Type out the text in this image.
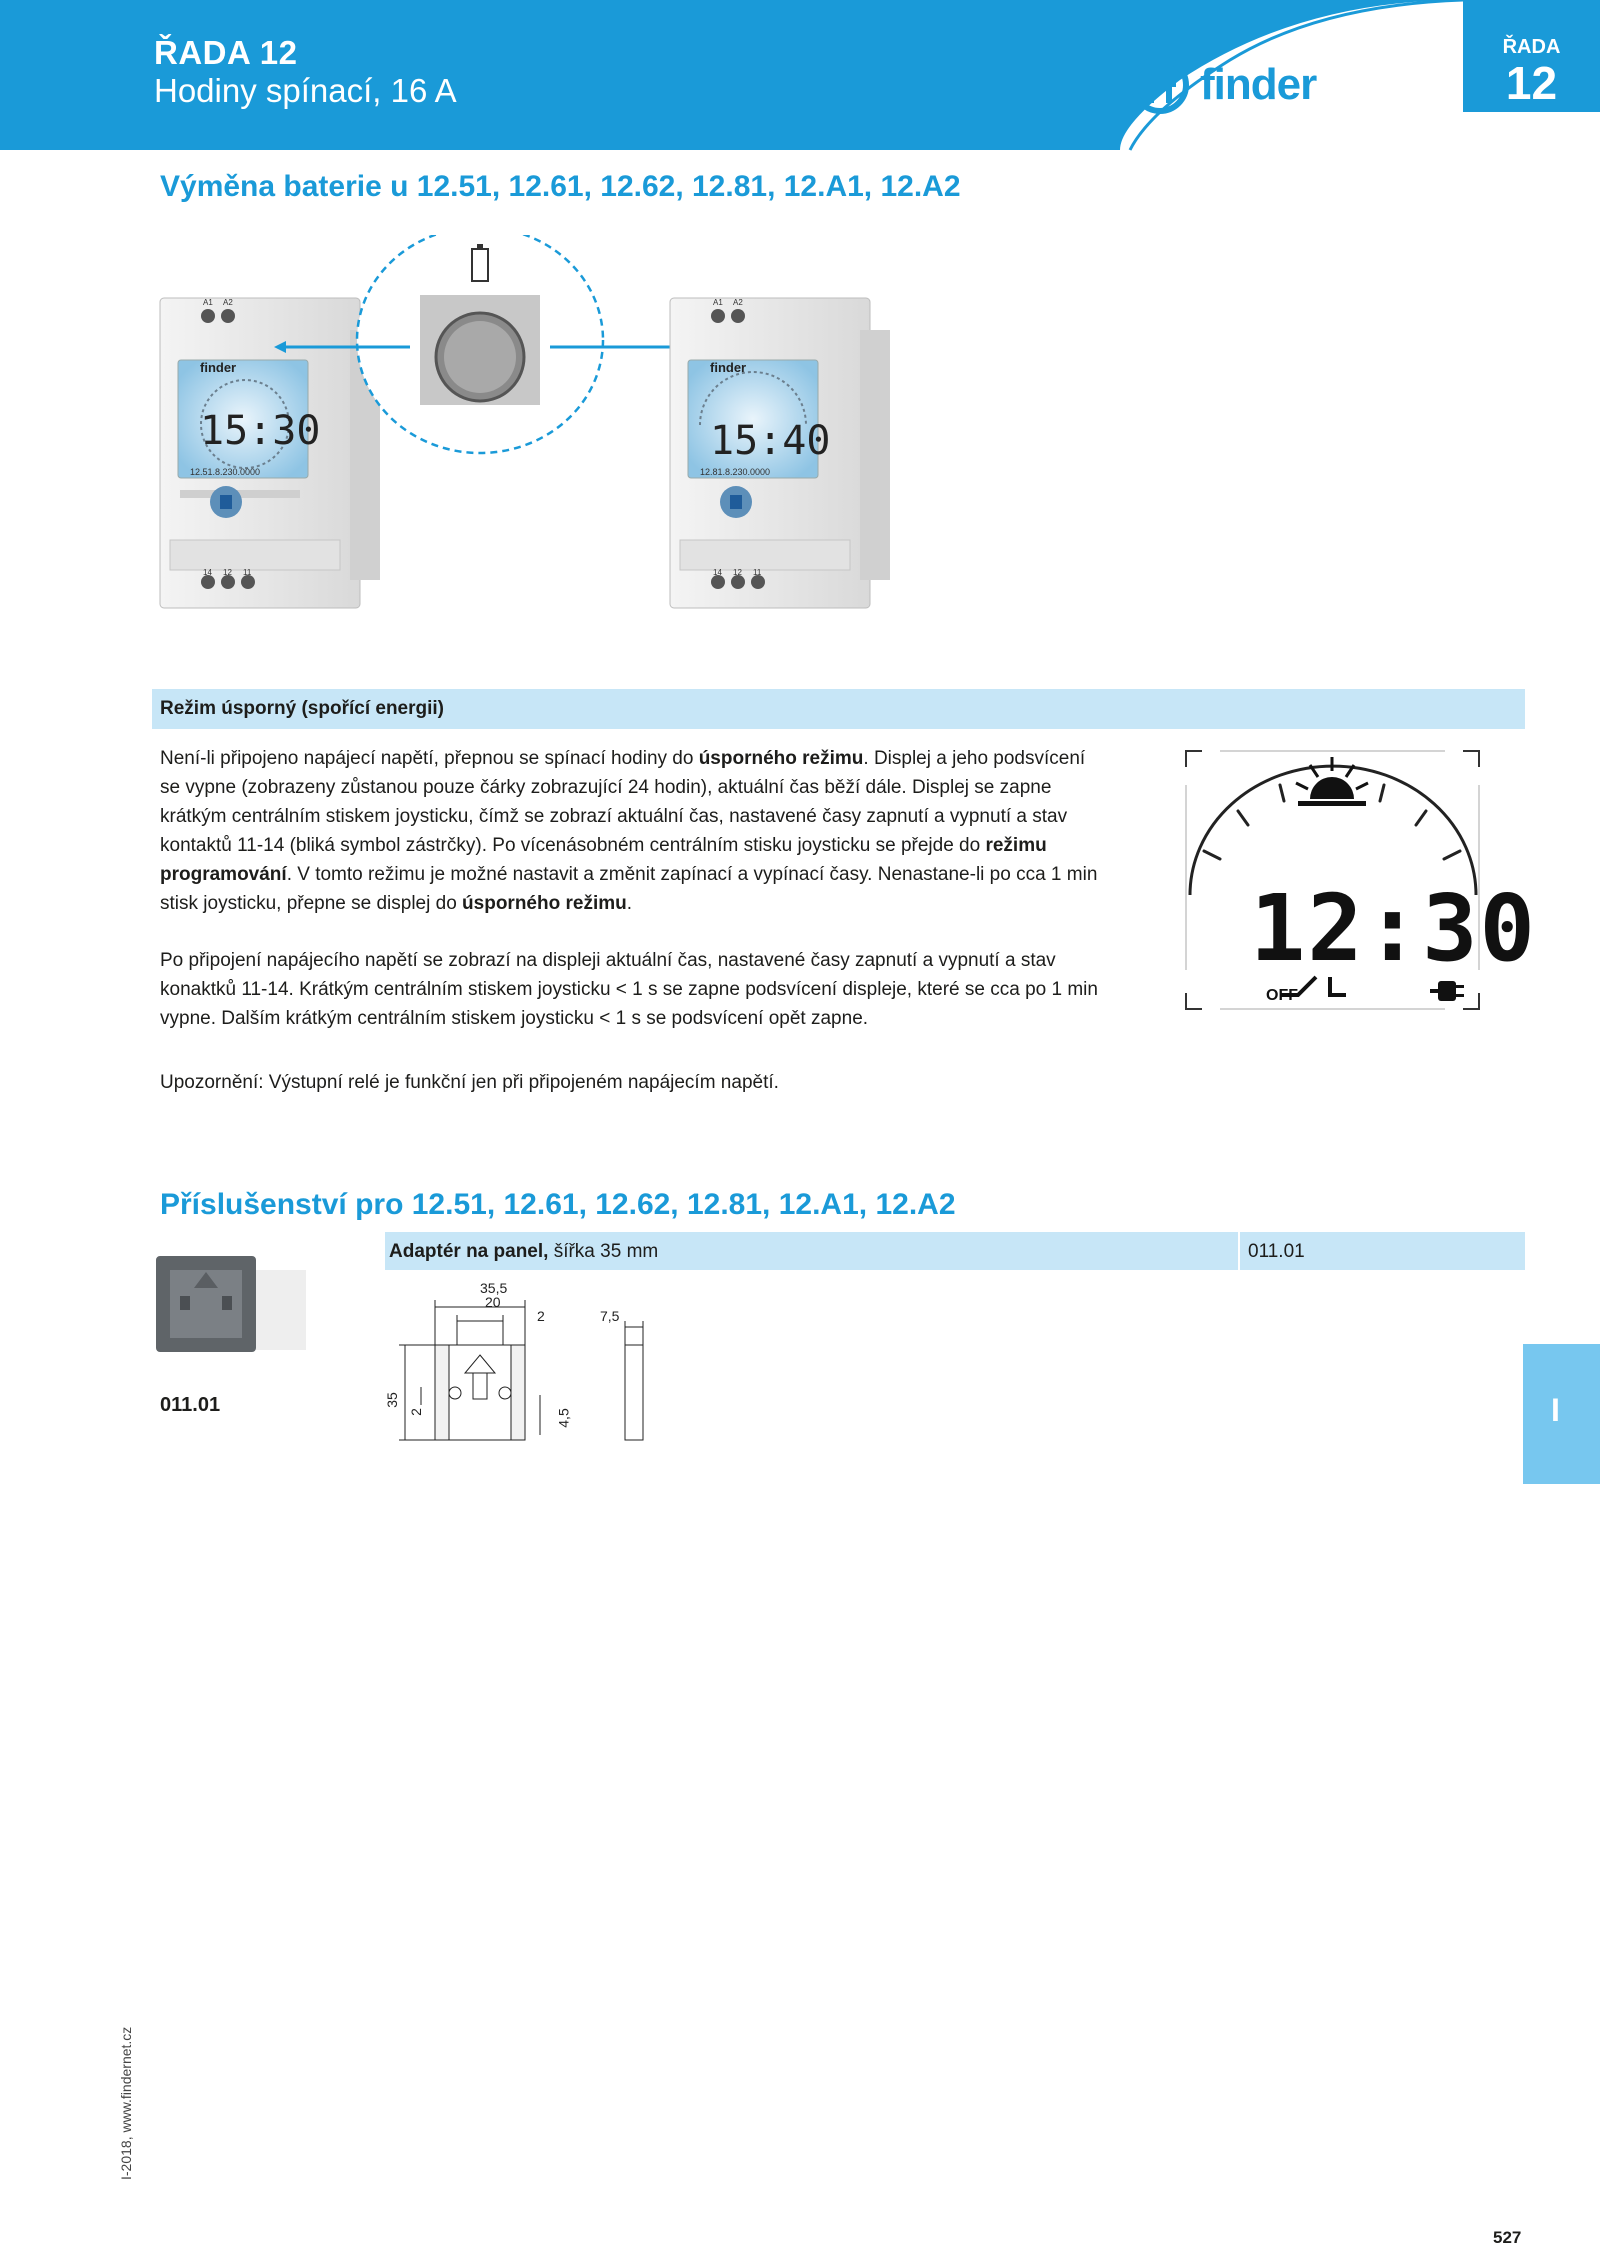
ŘADA 12
Hodiny spínací, 16 A	finder
ŘADA
12
Výměna baterie u 12.51, 12.61, 12.62, 12.81, 12.A1, 12.A2
finder
15:30
12.51.8.230.0000
A1 A2
14 12 11
finder
15:40
12.81.8.230.0000
A1 A2
14 12 11
Režim úsporný (spořící energii)

Není-li připojeno napájecí napětí, přepnou se spínací hodiny do úsporného režimu. Displej a jeho podsvícení se vypne (zobrazeny zůstanou pouze čárky zobrazující 24 hodin), aktuální čas běží dále. Displej se zapne krátkým centrálním stiskem joysticku, čímž se zobrazí aktuální čas, nastavené časy zapnutí a vypnutí a stav kontaktů 11-14 (bliká symbol zástrčky). Po vícenásobném centrálním stisku joysticku se přejde do režimu programování. V tomto režimu je možné nastavit a změnit zapínací a vypínací časy. Nenastane-li po cca 1 min stisk joysticku, přepne se displej do úsporného režimu.

Po připojení napájecího napětí se zobrazí na displeji aktuální čas, nastavené časy zapnutí a vypnutí a stav konaktků 11-14. Krátkým centrálním stiskem joysticku < 1 s se zapne podsvícení displeje, které se cca po 1 min vypne. Dalším krátkým centrálním stiskem joysticku < 1 s se podsvícení opět zapne.

Upozornění: Výstupní relé je funkční jen při připojeném napájecím napětí.

12:30
OFF
Příslušenství pro 12.51, 12.61, 12.62, 12.81, 12.A1, 12.A2
Adaptér na panel, šířka 35 mm	011.01
011.01
35,5
20
2	7,5
35
2	4,5	I
I-2018, www.findernet.cz
527
